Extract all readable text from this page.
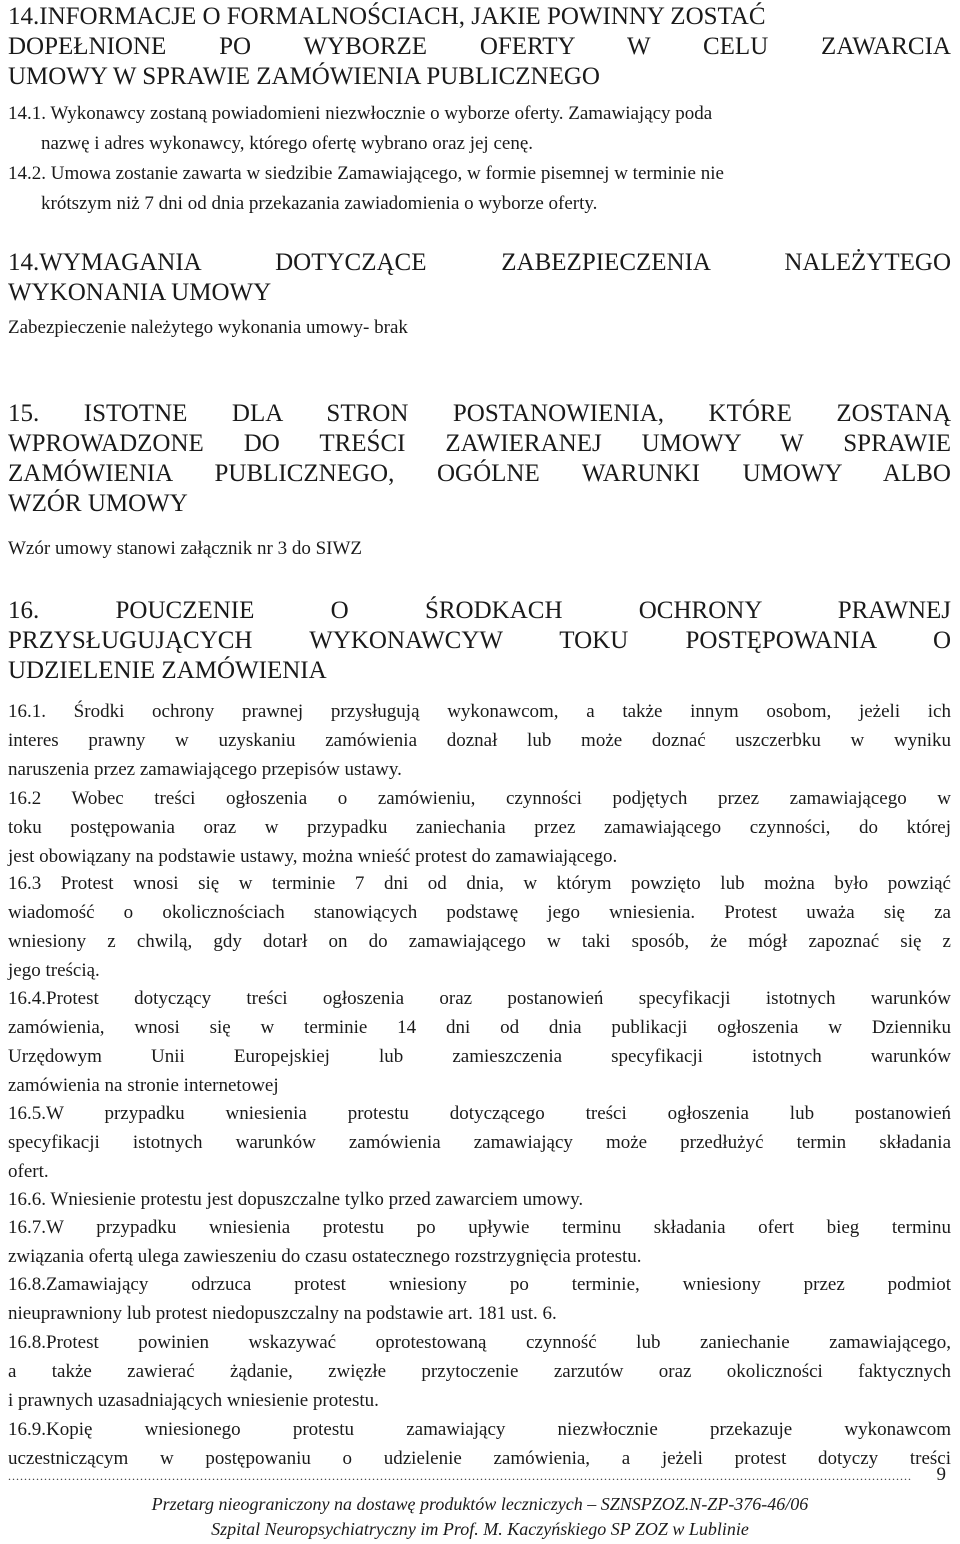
14.INFORMACJE O FORMALNOŚCIACH, JAKIE POWINNY ZOSTAĆ
DOPEŁNIONE PO WYBORZE OFERTY W CELU ZAWARCIA
UMOWY W SPRAWIE ZAMÓWIENIA PUBLICZNEGO
14.1. Wykonawcy zostaną powiadomieni niezwłocznie o wyborze oferty. Zamawiający poda
nazwę i adres wykonawcy, którego ofertę wybrano oraz jej cenę.
14.2. Umowa zostanie zawarta w siedzibie Zamawiającego, w formie pisemnej w terminie nie
krótszym niż 7 dni od dnia przekazania zawiadomienia o wyborze oferty.
14.WYMAGANIA DOTYCZĄCE ZABEZPIECZENIA NALEŻYTEGO
WYKONANIA UMOWY
Zabezpieczenie należytego wykonania umowy- brak
15. ISTOTNE DLA STRON POSTANOWIENIA, KTÓRE ZOSTANĄ
WPROWADZONE DO TREŚCI ZAWIERANEJ UMOWY W SPRAWIE
ZAMÓWIENIA PUBLICZNEGO, OGÓLNE WARUNKI UMOWY ALBO
WZÓR UMOWY
Wzór umowy stanowi załącznik nr 3 do SIWZ
16. POUCZENIE O ŚRODKACH OCHRONY PRAWNEJ
PRZYSŁUGUJĄCYCH WYKONAWCYW TOKU POSTĘPOWANIA O
UDZIELENIE ZAMÓWIENIA
16.1. Środki ochrony prawnej przysługują wykonawcom, a także innym osobom, jeżeli ich
interes prawny w uzyskaniu zamówienia doznał lub może doznać uszczerbku w wyniku
naruszenia przez zamawiającego przepisów ustawy.
16.2 Wobec treści ogłoszenia o zamówieniu, czynności podjętych przez zamawiającego w
toku postępowania oraz w przypadku zaniechania przez zamawiającego czynności, do której
jest obowiązany na podstawie ustawy, można wnieść protest do zamawiającego.
16.3 Protest wnosi się w terminie 7 dni od dnia, w którym powzięto lub można było powziąć
wiadomość o okolicznościach stanowiących podstawę jego wniesienia. Protest uważa się za
wniesiony z chwilą, gdy dotarł on do zamawiającego w taki sposób, że mógł zapoznać się z
jego treścią.
16.4.Protest dotyczący treści ogłoszenia oraz postanowień specyfikacji istotnych warunków
zamówienia, wnosi się w terminie 14 dni od dnia publikacji ogłoszenia w Dzienniku
Urzędowym Unii Europejskiej lub zamieszczenia specyfikacji istotnych warunków
zamówienia na stronie internetowej
16.5.W przypadku wniesienia protestu dotyczącego treści ogłoszenia lub postanowień
specyfikacji istotnych warunków zamówienia zamawiający może przedłużyć termin składania
ofert.
16.6. Wniesienie protestu jest dopuszczalne tylko przed zawarciem umowy.
16.7.W przypadku wniesienia protestu po upływie terminu składania ofert bieg terminu
związania ofertą ulega zawieszeniu do czasu ostatecznego rozstrzygnięcia protestu.
16.8.Zamawiający odrzuca protest wniesiony po terminie, wniesiony przez podmiot
nieuprawniony lub protest niedopuszczalny na podstawie art. 181 ust. 6.
16.8.Protest powinien wskazywać oprotestowaną czynność lub zaniechanie zamawiającego,
a także zawierać żądanie, zwięzłe przytoczenie zarzutów oraz okoliczności faktycznych
i prawnych uzasadniających wniesienie protestu.
16.9.Kopię wniesionego protestu zamawiający niezwłocznie przekazuje wykonawcom
uczestniczącym w postępowaniu o udzielenie zamówienia, a jeżeli protest dotyczy treści
..................................................................................................................................................................................................................................	9
Przetarg nieograniczony na dostawę produktów leczniczych – SZNSPZOZ.N-ZP-376-46/06
Szpital Neuropsychiatryczny im Prof. M. Kaczyńskiego SP ZOZ w Lublinie
